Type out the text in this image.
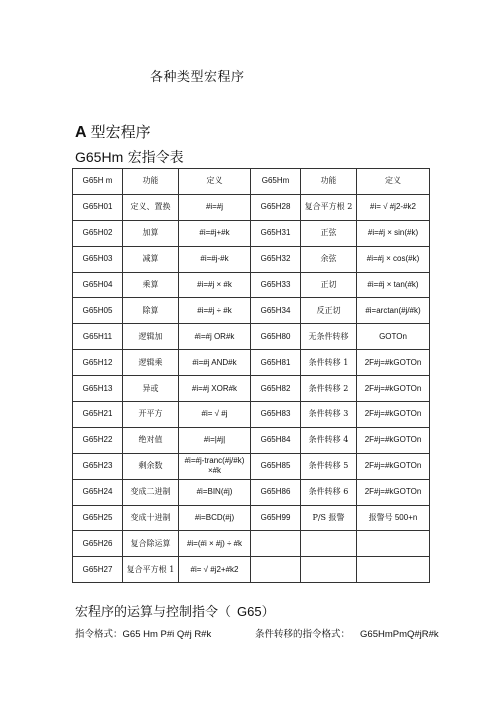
各种类型宏程序
A 型宏程序
G65Hm 宏指令表
G65H m	功能	定义	G65Hm	功能	定义
G65H01	定义、置换	#i=#j	G65H28	复合平方根 2	#i= √ #j2-#k2
G65H02	加算	#i=#j+#k	G65H31	正弦	#i=#j × sin(#k)
G65H03	减算	#i=#j-#k	G65H32	余弦	#i=#j × cos(#k)
G65H04	乘算	#i=#j × #k	G65H33	正切	#i=#j × tan(#k)
G65H05	除算	#i=#j ÷ #k	G65H34	反正切	#i=arctan(#j/#k)
G65H11	逻辑加	#i=#j OR#k	G65H80	无条件转移	GOTOn
G65H12	逻辑乘	#i=#j AND#k	G65H81	条件转移 1	2F#j=#kGOTOn
G65H13	异或	#i=#j XOR#k	G65H82	条件转移 2	2F#j=#kGOTOn
G65H21	开平方	#i= √ #j	G65H83	条件转移 3	2F#j=#kGOTOn
G65H22	绝对值	#i=|#j|	G65H84	条件转移 4	2F#j=#kGOTOn
G65H23	剩余数	#i=#j-tranc(#j/#k) ×#k	G65H85	条件转移 5	2F#j=#kGOTOn
G65H24	变成二进制	#i=BIN(#j)	G65H86	条件转移 6	2F#j=#kGOTOn
G65H25	变成十进制	#i=BCD(#j)	G65H99	P/S 报警	报警号 500+n
G65H26	复合除运算	#i=(#i × #j) ÷ #k			
G65H27	复合平方根 1	#i= √ #j2+#k2			
宏程序的运算与控制指令（ G65）
指令格式：G65 Hm P#i Q#j R#k	条件转移的指令格式： G65HmPmQ#jR#k
